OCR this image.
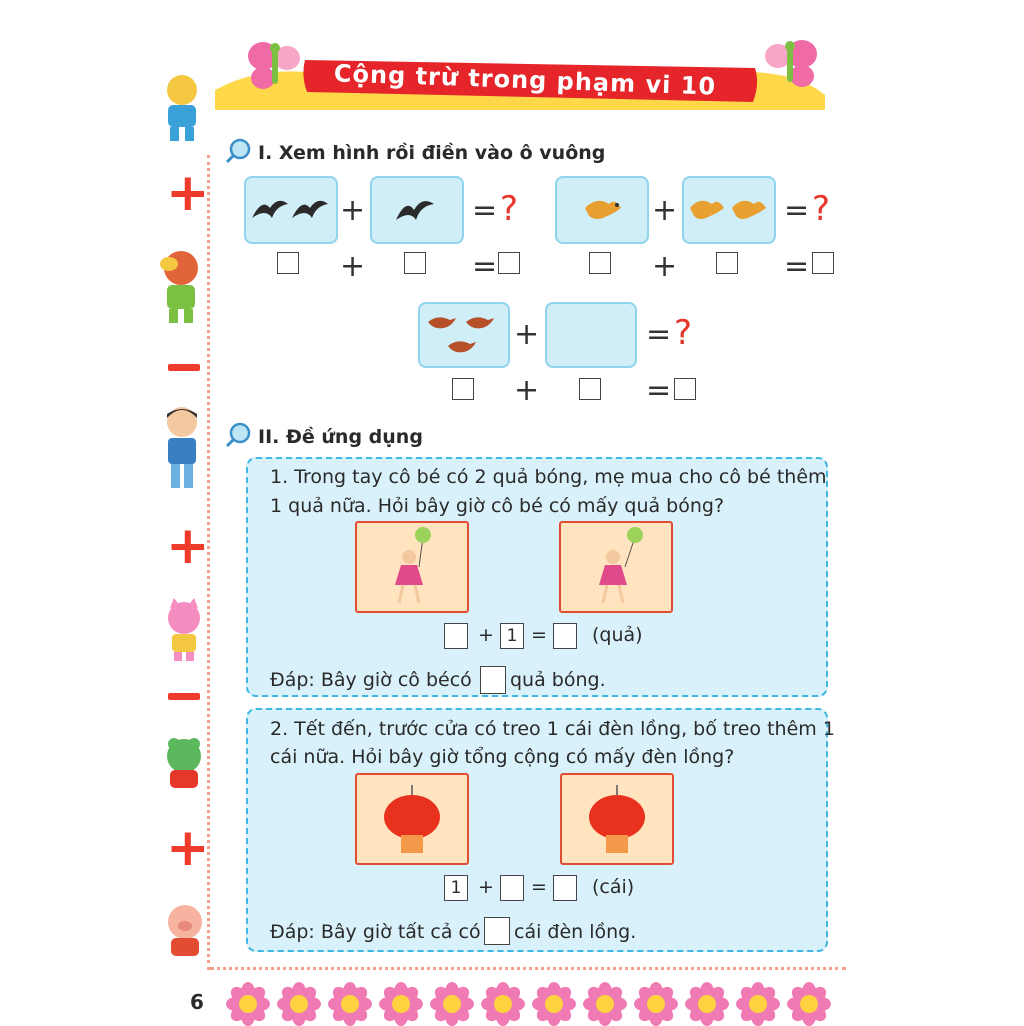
Cộng trừ trong phạm vi 10
+
+
+
I. Xem hình rồi điền vào ô vuông
+	= ?
+	=
+	= ?
+	=
+	= ?
+	=
II. Đề ứng dụng
1. Trong tay cô bé có 2 quả bóng, mẹ mua cho cô bé thêm
1 quả nữa. Hỏi bây giờ cô bé có mấy quả bóng?
+ 1 = (quả)
Đáp: Bây giờ cô bécó quả bóng.
2. Tết đến, trước cửa có treo 1 cái đèn lồng, bố treo thêm 1
cái nữa. Hỏi bây giờ tổng cộng có mấy đèn lồng?
1 + = (cái)
Đáp: Bây giờ tất cả có cái đèn lồng.
6
